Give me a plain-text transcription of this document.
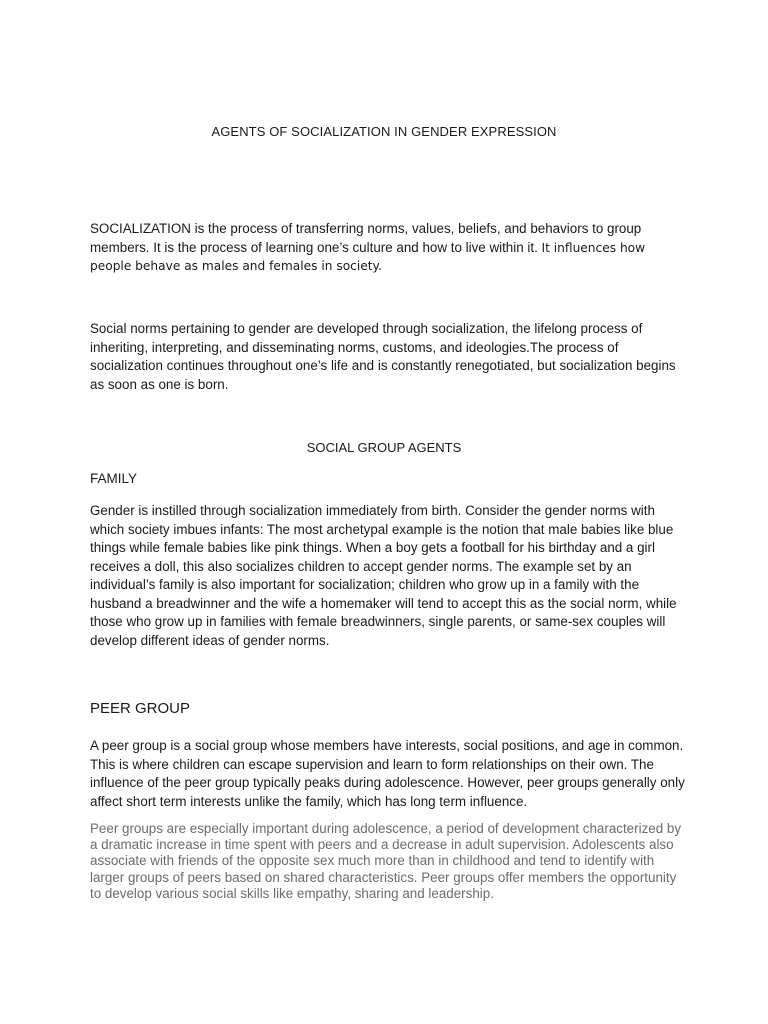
AGENTS OF SOCIALIZATION IN GENDER EXPRESSION

SOCIALIZATION is the process of transferring norms, values, beliefs, and behaviors to group members. It is the process of learning one’s culture and how to live within it. It influences how people behave as males and females in society.

Social norms pertaining to gender are developed through socialization, the lifelong process of inheriting, interpreting, and disseminating norms, customs, and ideologies.The process of socialization continues throughout one’s life and is constantly renegotiated, but socialization begins as soon as one is born.

SOCIAL GROUP AGENTS

FAMILY

Gender is instilled through socialization immediately from birth. Consider the gender norms with which society imbues infants: The most archetypal example is the notion that male babies like blue things while female babies like pink things. When a boy gets a football for his birthday and a girl receives a doll, this also socializes children to accept gender norms. The example set by an individual’s family is also important for socialization; children who grow up in a family with the husband a breadwinner and the wife a homemaker will tend to accept this as the social norm, while those who grow up in families with female breadwinners, single parents, or same-sex couples will develop different ideas of gender norms.

PEER GROUP

A peer group is a social group whose members have interests, social positions, and age in common. This is where children can escape supervision and learn to form relationships on their own. The influence of the peer group typically peaks during adolescence. However, peer groups generally only affect short term interests unlike the family, which has long term influence.

Peer groups are especially important during adolescence, a period of development characterized by a dramatic increase in time spent with peers and a decrease in adult supervision. Adolescents also associate with friends of the opposite sex much more than in childhood and tend to identify with larger groups of peers based on shared characteristics. Peer groups offer members the opportunity to develop various social skills like empathy, sharing and leadership.
